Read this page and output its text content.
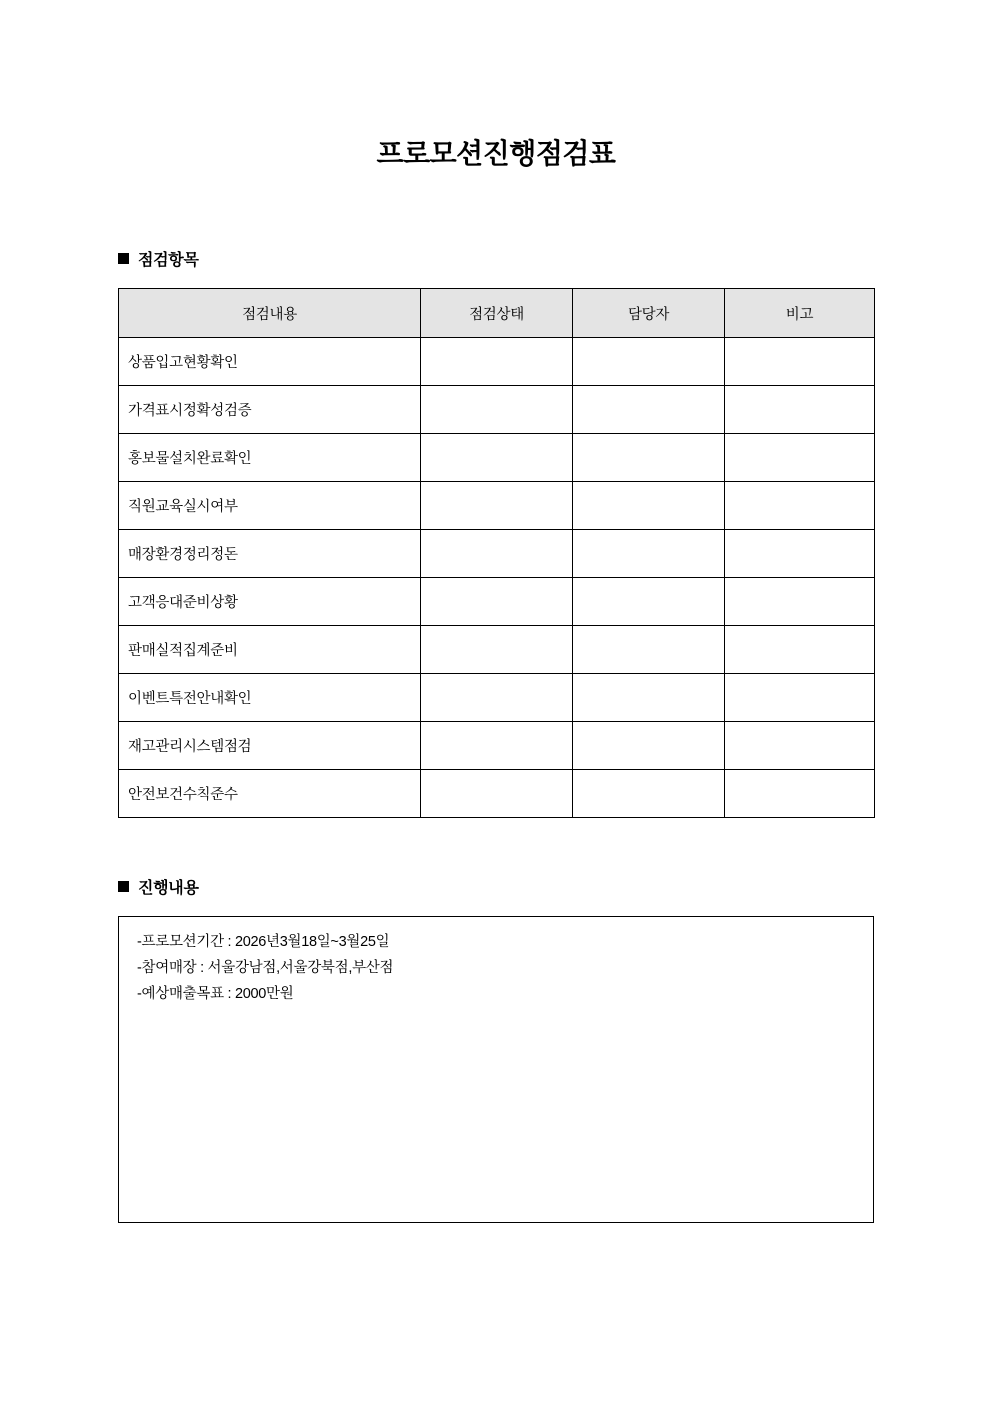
프로모션진행점검표
점검항목
점검내용	점검상태	담당자	비고
상품입고현황확인			
가격표시정확성검증			
홍보물설치완료확인			
직원교육실시여부			
매장환경정리정돈			
고객응대준비상황			
판매실적집계준비			
이벤트특전안내확인			
재고관리시스템점검			
안전보건수칙준수			
진행내용
-프로모션기간 : 2026년3월18일~3월25일
-참여매장 : 서울강남점,서울강북점,부산점
-예상매출목표 : 2000만원
